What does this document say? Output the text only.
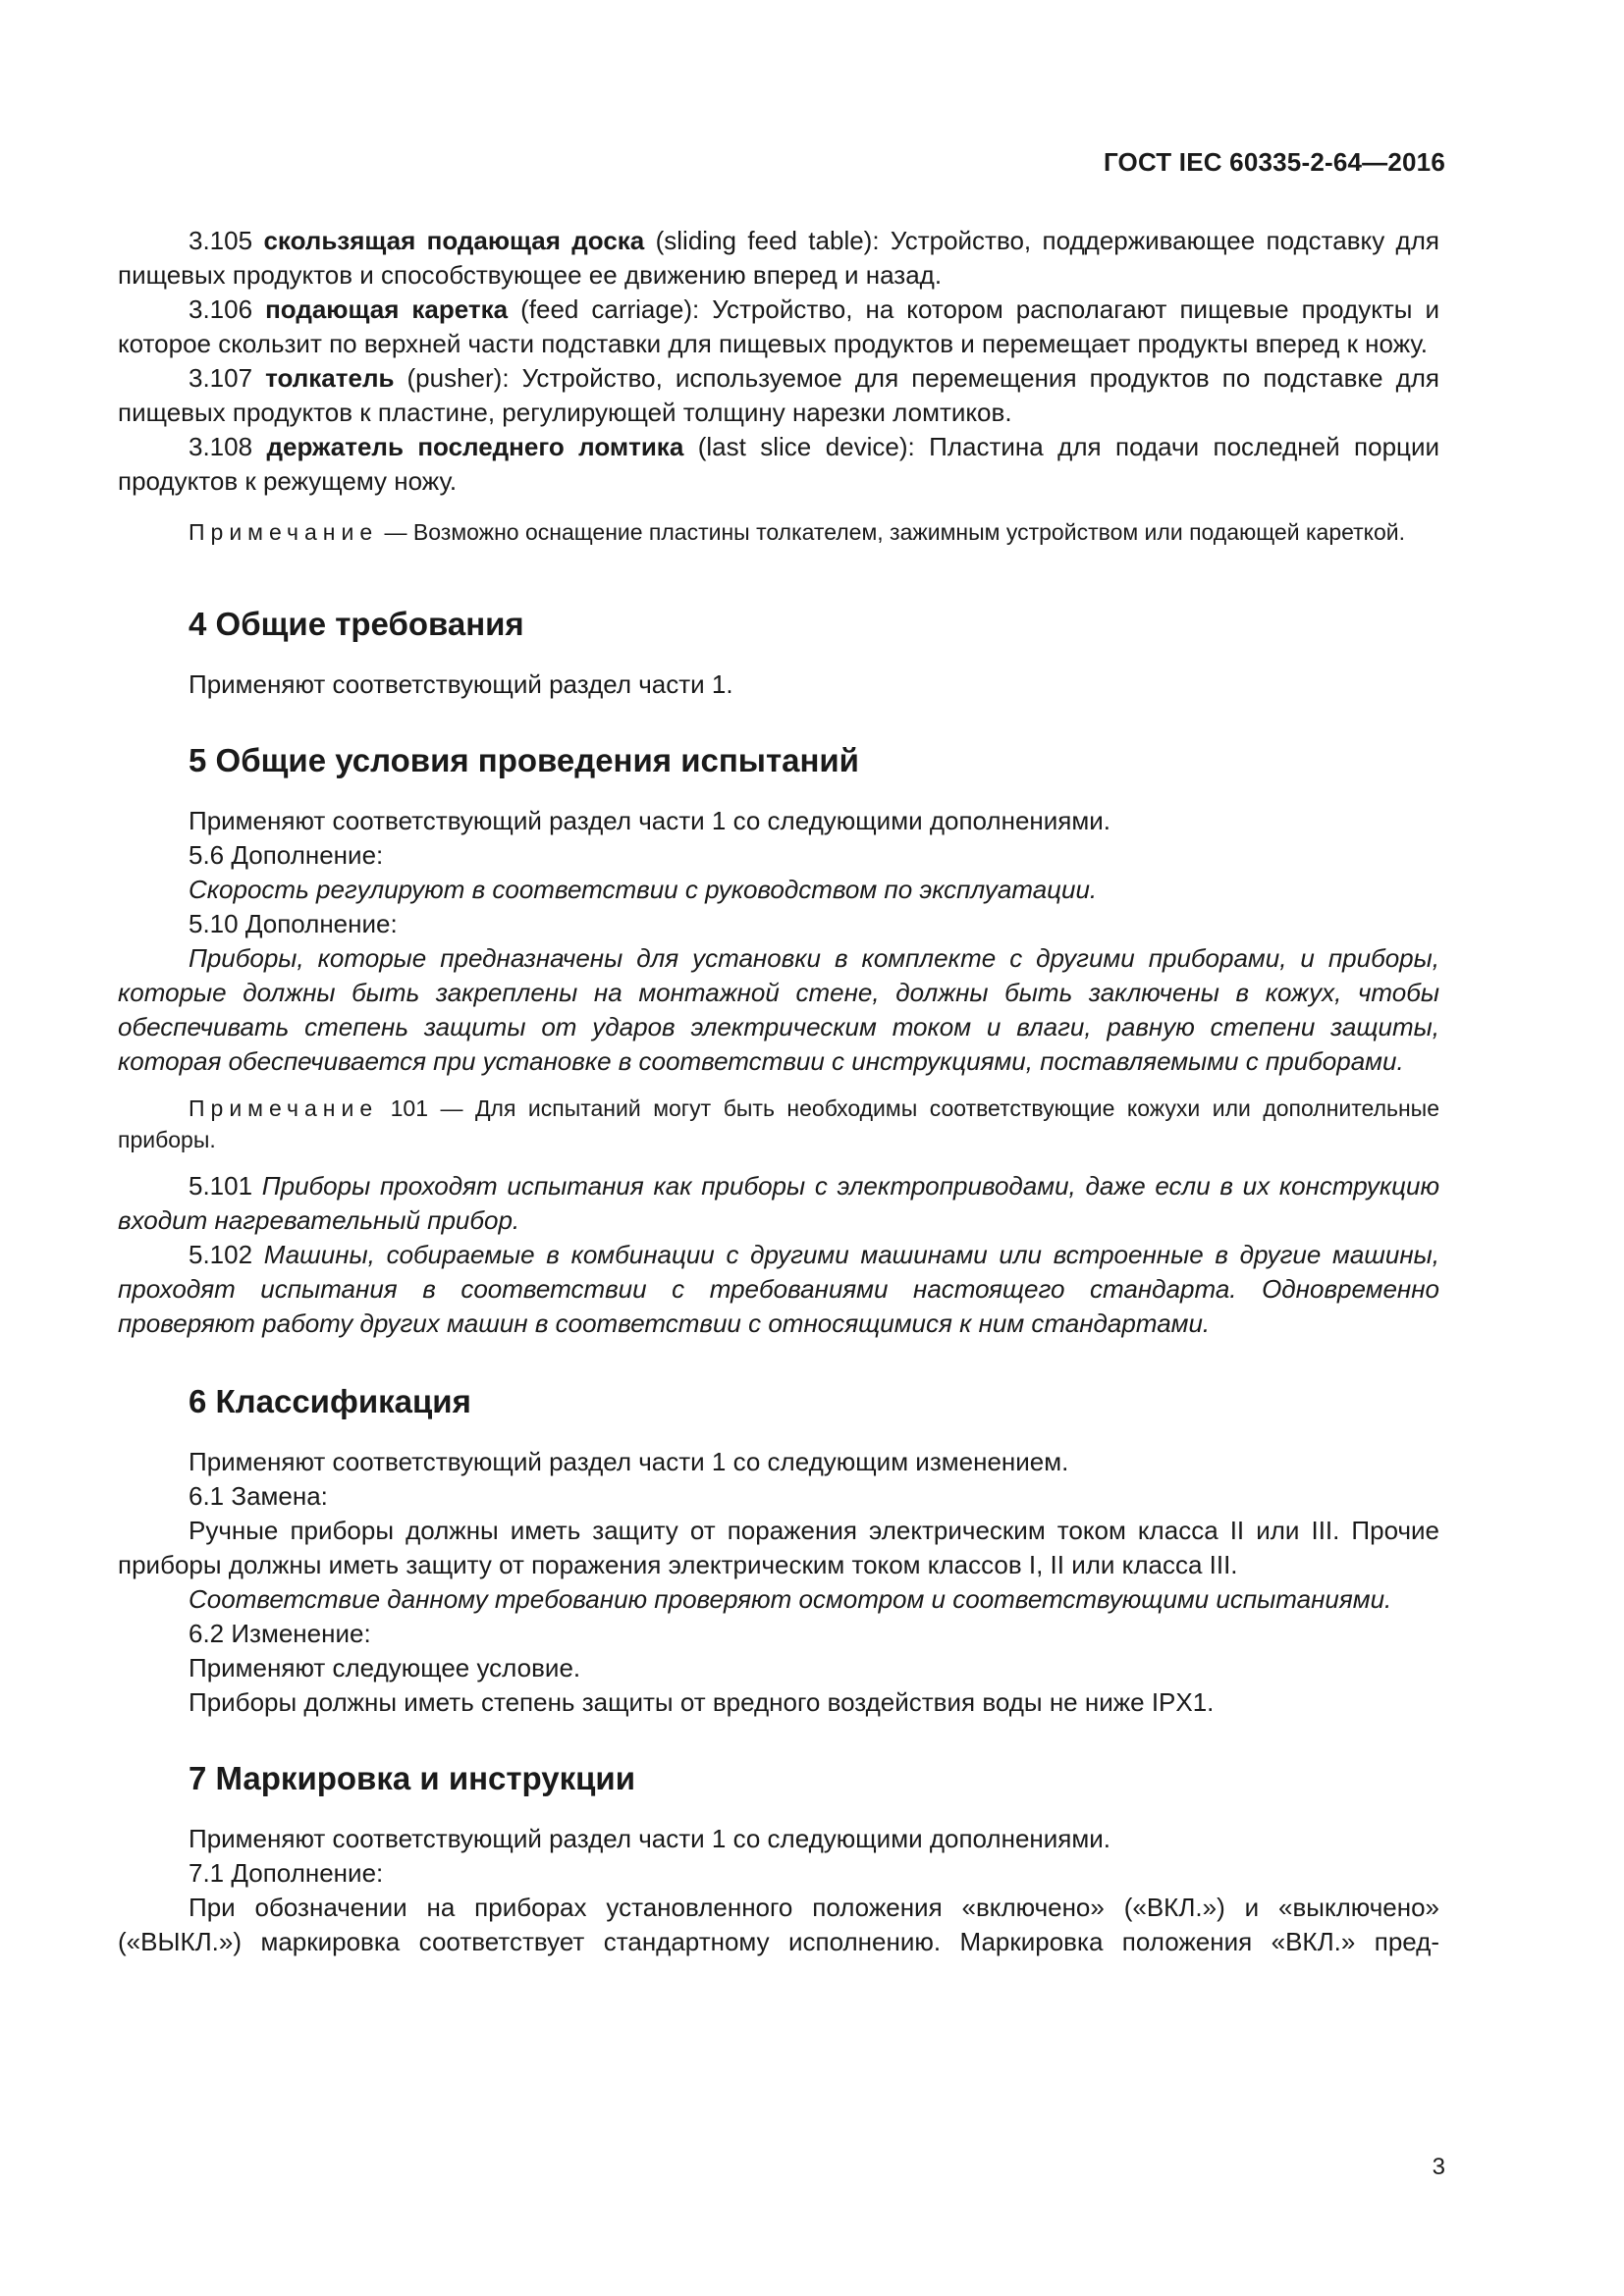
ГОСТ IEC 60335-2-64—2016

3.105 скользящая подающая доска (sliding feed table): Устройство, поддерживающее подставку для пищевых продуктов и способствующее ее движению вперед и назад.

3.106 подающая каретка (feed carriage): Устройство, на котором располагают пищевые продукты и которое скользит по верхней части подставки для пищевых продуктов и перемещает продукты вперед к ножу.

3.107 толкатель (pusher): Устройство, используемое для перемещения продуктов по подставке для пищевых продуктов к пластине, регулирующей толщину нарезки ломтиков.

3.108 держатель последнего ломтика (last slice device): Пластина для подачи последней порции продуктов к режущему ножу.

Примечание — Возможно оснащение пластины толкателем, зажимным устройством или подающей кареткой.

4 Общие требования

Применяют соответствующий раздел части 1.

5 Общие условия проведения испытаний

Применяют соответствующий раздел части 1 со следующими дополнениями.

5.6 Дополнение:

Скорость регулируют в соответствии с руководством по эксплуатации.

5.10 Дополнение:

Приборы, которые предназначены для установки в комплекте с другими приборами, и приборы, которые должны быть закреплены на монтажной стене, должны быть заключены в кожух, чтобы обеспечивать степень защиты от ударов электрическим током и влаги, равную степени защиты, которая обеспечивается при установке в соответствии с инструкциями, поставляемыми с приборами.

Примечание 101 — Для испытаний могут быть необходимы соответствующие кожухи или дополнительные приборы.

5.101 Приборы проходят испытания как приборы с электроприводами, даже если в их конструкцию входит нагревательный прибор.

5.102 Машины, собираемые в комбинации с другими машинами или встроенные в другие машины, проходят испытания в соответствии с требованиями настоящего стандарта. Одновременно проверяют работу других машин в соответствии с относящимися к ним стандартами.

6 Классификация

Применяют соответствующий раздел части 1 со следующим изменением.

6.1 Замена:

Ручные приборы должны иметь защиту от поражения электрическим током класса II или III. Прочие приборы должны иметь защиту от поражения электрическим током классов I, II или класса III.

Соответствие данному требованию проверяют осмотром и соответствующими испытаниями.

6.2 Изменение:

Применяют следующее условие.

Приборы должны иметь степень защиты от вредного воздействия воды не ниже IPX1.

7 Маркировка и инструкции

Применяют соответствующий раздел части 1 со следующими дополнениями.

7.1 Дополнение:

При обозначении на приборах установленного положения «включено» («ВКЛ.») и «выключено» («ВЫКЛ.») маркировка соответствует стандартному исполнению. Маркировка положения «ВКЛ.» пред-

3
